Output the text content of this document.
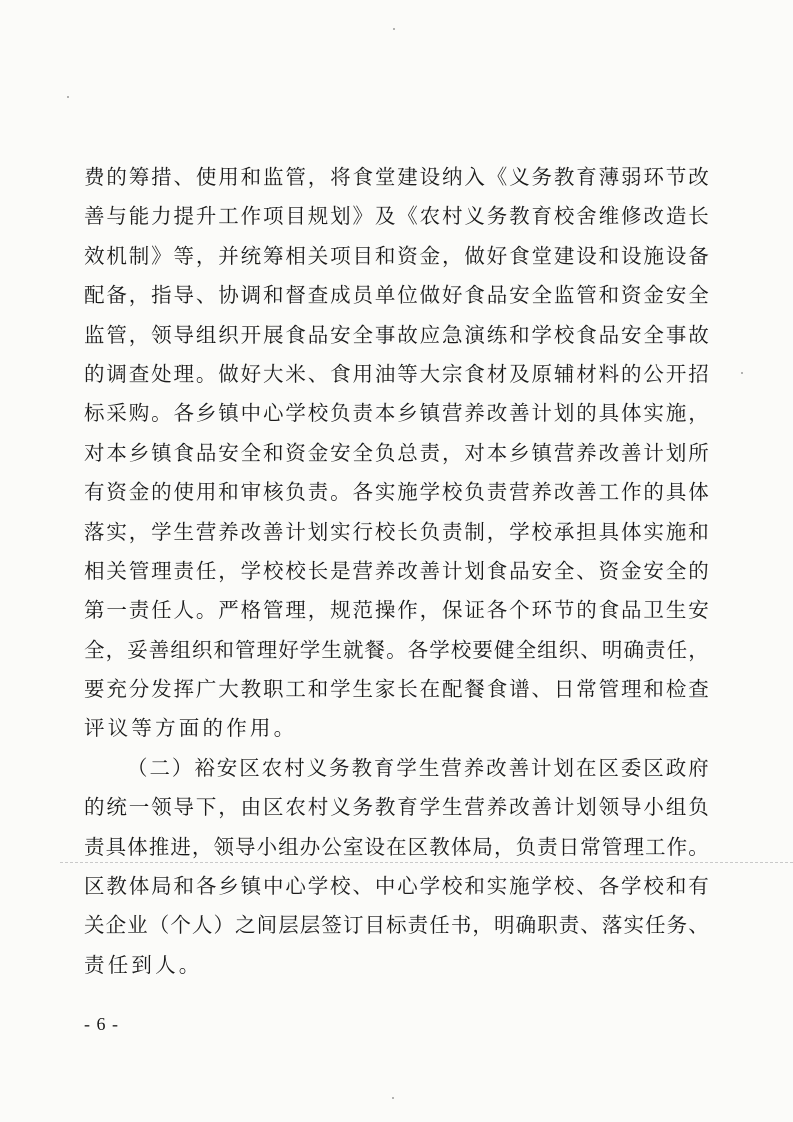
费的筹措、使用和监管，将食堂建设纳入《义务教育薄弱环节改
善与能力提升工作项目规划》及《农村义务教育校舍维修改造长
效机制》等，并统筹相关项目和资金，做好食堂建设和设施设备
配备，指导、协调和督查成员单位做好食品安全监管和资金安全
监管，领导组织开展食品安全事故应急演练和学校食品安全事故
的调查处理。做好大米、食用油等大宗食材及原辅材料的公开招
标采购。各乡镇中心学校负责本乡镇营养改善计划的具体实施，
对本乡镇食品安全和资金安全负总责，对本乡镇营养改善计划所
有资金的使用和审核负责。各实施学校负责营养改善工作的具体
落实，学生营养改善计划实行校长负责制，学校承担具体实施和
相关管理责任，学校校长是营养改善计划食品安全、资金安全的
第一责任人。严格管理，规范操作，保证各个环节的食品卫生安
全，妥善组织和管理好学生就餐。各学校要健全组织、明确责任，
要充分发挥广大教职工和学生家长在配餐食谱、日常管理和检查
评议等方面的作用。
（二）裕安区农村义务教育学生营养改善计划在区委区政府
的统一领导下，由区农村义务教育学生营养改善计划领导小组负
责具体推进，领导小组办公室设在区教体局，负责日常管理工作。
区教体局和各乡镇中心学校、中心学校和实施学校、各学校和有
关企业（个人）之间层层签订目标责任书，明确职责、落实任务、
责任到人。
- 6 -
